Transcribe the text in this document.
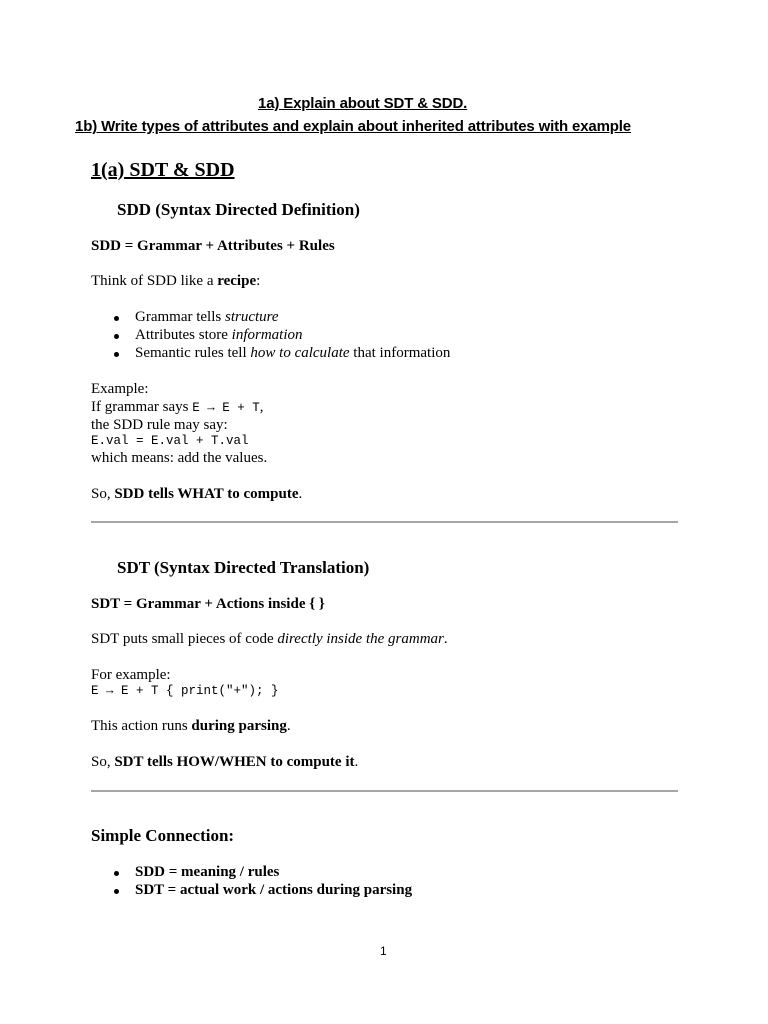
1a) Explain about SDT & SDD.
1b) Write types of attributes and explain about inherited attributes with example
1(a) SDT & SDD
SDD (Syntax Directed Definition)
SDD = Grammar + Attributes + Rules
Think of SDD like a recipe:
Grammar tells structure
Attributes store information
Semantic rules tell how to calculate that information
Example:
If grammar says E → E + T,
the SDD rule may say:
E.val = E.val + T.val
which means: add the values.
So, SDD tells WHAT to compute.
SDT (Syntax Directed Translation)
SDT = Grammar + Actions inside { }
SDT puts small pieces of code directly inside the grammar.
For example:
E → E + T { print("+"); }
This action runs during parsing.
So, SDT tells HOW/WHEN to compute it.
Simple Connection:
SDD = meaning / rules
SDT = actual work / actions during parsing
1
